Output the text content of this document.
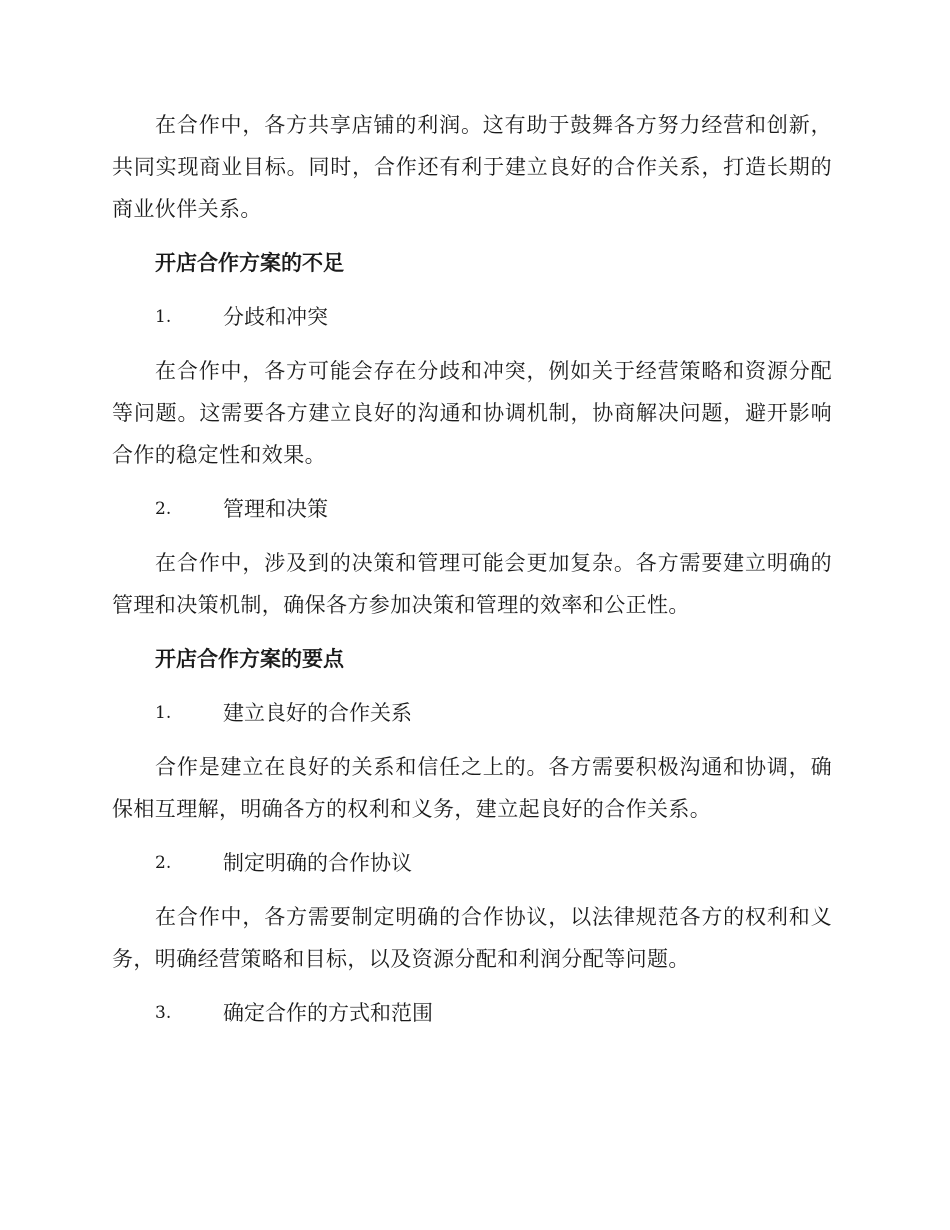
在合作中，各方共享店铺的利润。这有助于鼓舞各方努力经营和创新，共同实现商业目标。同时，合作还有利于建立良好的合作关系，打造长期的商业伙伴关系。

开店合作方案的不足

1.	分歧和冲突

在合作中，各方可能会存在分歧和冲突，例如关于经营策略和资源分配等问题。这需要各方建立良好的沟通和协调机制，协商解决问题，避开影响合作的稳定性和效果。

2.	管理和决策

在合作中，涉及到的决策和管理可能会更加复杂。各方需要建立明确的管理和决策机制，确保各方参加决策和管理的效率和公正性。

开店合作方案的要点

1.	建立良好的合作关系

合作是建立在良好的关系和信任之上的。各方需要积极沟通和协调，确保相互理解，明确各方的权利和义务，建立起良好的合作关系。

2.	制定明确的合作协议

在合作中，各方需要制定明确的合作协议，以法律规范各方的权利和义务，明确经营策略和目标，以及资源分配和利润分配等问题。

3.	确定合作的方式和范围
